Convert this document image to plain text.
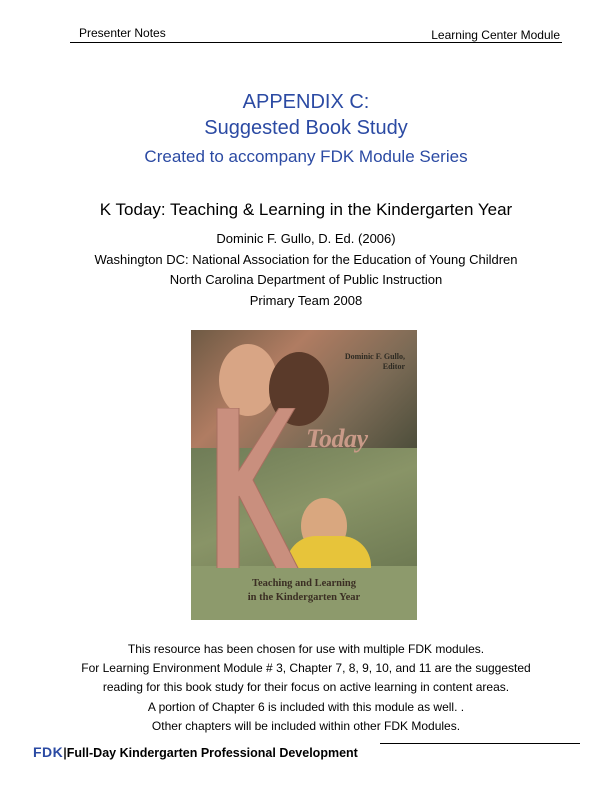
Presenter Notes	Learning Center Module
APPENDIX C:
Suggested Book Study
Created to accompany FDK Module Series
K Today: Teaching & Learning in the Kindergarten Year
Dominic F. Gullo, D. Ed. (2006)
Washington DC: National Association for the Education of Young Children
North Carolina Department of Public Instruction
Primary Team 2008
Dominic F. Gullo,
Editor
Today
Teaching and Learning
in the Kindergarten Year
This resource has been chosen for use with multiple FDK modules.
For Learning Environment Module # 3, Chapter 7, 8, 9, 10, and 11 are the suggested
reading for this book study for their focus on active learning in content areas.
A portion of Chapter 6 is included with this module as well. .
Other chapters will be included within other FDK Modules.
FDK|Full-Day Kindergarten Professional Development
